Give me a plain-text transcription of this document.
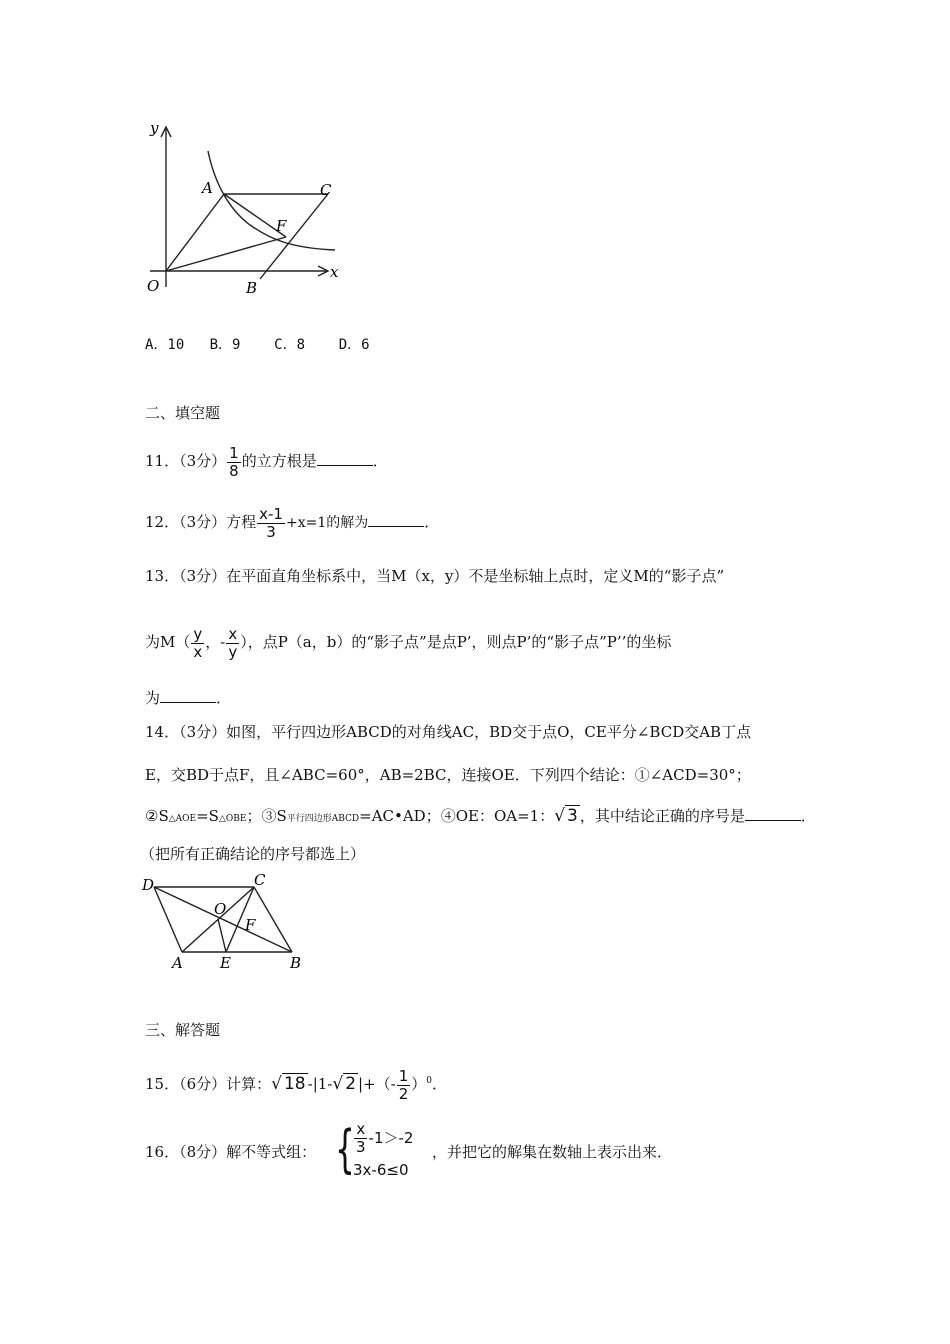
y
x
O
A	C
F
B
A．10 B．9 C．8 D．6
二、填空题
11．（3分） $\frac{1}{8}$ 的立方根是	．
12．（3分）方程 $\frac{x-1}{3} +x=1$的解为	．
13．（3分）在平面直角坐标系中，当M（x，y）不是坐标轴上点时，定义M的“影子点”
为$M( \frac{y}{x}$ ，- $\frac{x}{y}$ ），点P（a，b）的“影子点”是点P’，则点P’的“影子点”P’’的坐标
为	．
14．（3分）如图，平行四边形ABCD的对角线AC，BD交于点O，CE平分∠BCD交AB丁点
E，交BD于点F，且∠ABC=60°，AB=2BC，连接OE．下列四个结论：①∠ACD=30°；
②S△AOE=S△OBE；③S平行四边形ABCD=AC•AD；④OE：OA=1：√ 3 ，其中结论正确的序号是	．
（把所有正确结论的序号都选上）
D	C
O
F
A E	B
三、解答题
15．（6分）计算：√ 18 -|1-√ 2 |+（- $\frac{1}{2} )^0$．
16．（8分）解不等式组： { $\frac{x}{3} -1>-2$
3x-6≤0
，并把它的解集在数轴上表示出来．
